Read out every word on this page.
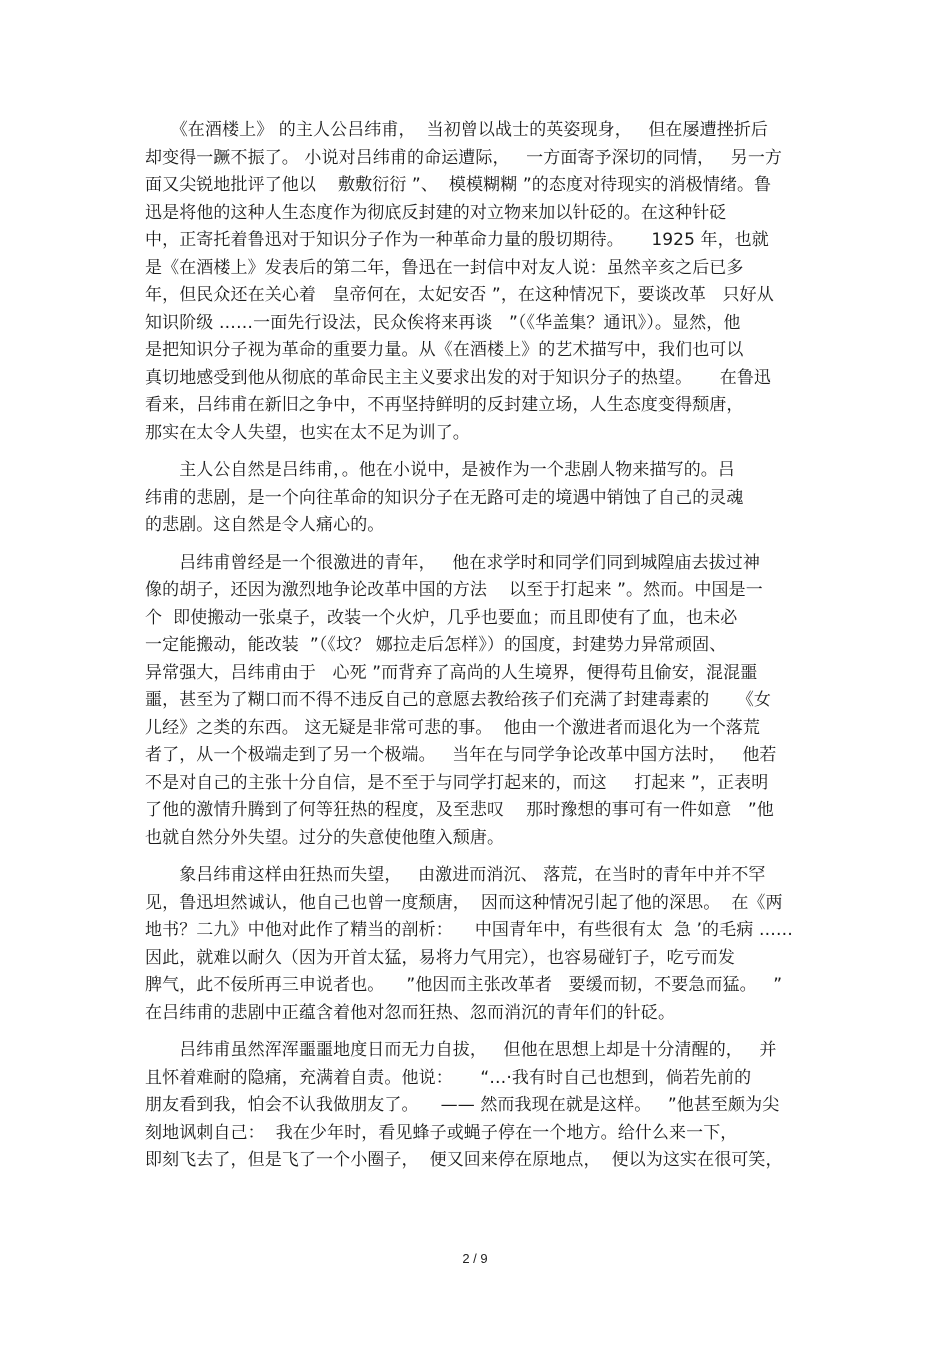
　　《在酒楼上》 的主人公吕纬甫，  当初曾以战士的英姿现身，   但在屡遭挫折后
却变得一蹶不振了。 小说对吕纬甫的命运遭际，   一方面寄予深切的同情，   另一方
面又尖锐地批评了他以    敷敷衍衍 ”、  模模糊糊 ”的态度对待现实的消极情绪。鲁
迅是将他的这种人生态度作为彻底反封建的对立物来加以针砭的。在这种针砭
中，正寄托着鲁迅对于知识分子作为一种革命力量的殷切期待。     1925 年，也就
是《在酒楼上》发表后的第二年，鲁迅在一封信中对友人说：虽然辛亥之后已多
年，但民众还在关心着   皇帝何在，太妃安否 ”，在这种情况下，要谈改革   只好从
知识阶级 ……一面先行设法，民众俟将来再谈   ”（《华盖集？通讯》）。显然，他
是把知识分子视为革命的重要力量。从《在酒楼上》的艺术描写中，我们也可以
真切地感受到他从彻底的革命民主主义要求出发的对于知识分子的热望。     在鲁迅
看来，吕纬甫在新旧之争中，不再坚持鲜明的反封建立场，人生态度变得颓唐，
那实在太令人失望，也实在太不足为训了。
　　主人公自然是吕纬甫，。他在小说中，是被作为一个悲剧人物来描写的。吕
纬甫的悲剧，是一个向往革命的知识分子在无路可走的境遇中销蚀了自己的灵魂
的悲剧。这自然是令人痛心的。
　　吕纬甫曾经是一个很激进的青年，   他在求学时和同学们同到城隍庙去拔过神
像的胡子，还因为激烈地争论改革中国的方法    以至于打起来 ”。然而。中国是一
个  即使搬动一张桌子，改装一个火炉，几乎也要血；而且即使有了血，也未必
一定能搬动，能改装  ”（《坟？ 娜拉走后怎样》）的国度，封建势力异常顽固、
异常强大，吕纬甫由于   心死 ”而背弃了高尚的人生境界，便得苟且偷安，混混噩
噩，甚至为了糊口而不得不违反自己的意愿去教给孩子们充满了封建毒素的     《女
儿经》之类的东西。 这无疑是非常可悲的事。  他由一个激进者而退化为一个落荒
者了，从一个极端走到了另一个极端。   当年在与同学争论改革中国方法时，   他若
不是对自己的主张十分自信，是不至于与同学打起来的，而这     打起来 ”，正表明
了他的激情升腾到了何等狂热的程度，及至悲叹    那时豫想的事可有一件如意   ”他
也就自然分外失望。过分的失意使他堕入颓唐。
　　象吕纬甫这样由狂热而失望，   由激进而消沉、 落荒，在当时的青年中并不罕
见，鲁迅坦然诚认，他自己也曾一度颓唐，  因而这种情况引起了他的深思。  在《两
地书？二九》中他对此作了精当的剖析：    中国青年中，有些很有太  急 ’的毛病 ……
因此，就难以耐久（因为开首太猛，易将力气用完），也容易碰钉子，吃亏而发
脾气，此不佞所再三申说者也。    ”他因而主张改革者   要缓而韧，不要急而猛。   ”
在吕纬甫的悲剧中正蕴含着他对忽而狂热、忽而消沉的青年们的针砭。
　　吕纬甫虽然浑浑噩噩地度日而无力自拔，   但他在思想上却是十分清醒的，   并
且怀着难耐的隐痛，充满着自责。他说：     “…·我有时自己也想到，倘若先前的
朋友看到我，怕会不认我做朋友了。    —— 然而我现在就是这样。   ”他甚至颇为尖
刻地讽刺自己：  我在少年时，看见蜂子或蝇子停在一个地方。给什么来一下，
即刻飞去了，但是飞了一个小圈子，  便又回来停在原地点，  便以为这实在很可笑，
2 / 9
